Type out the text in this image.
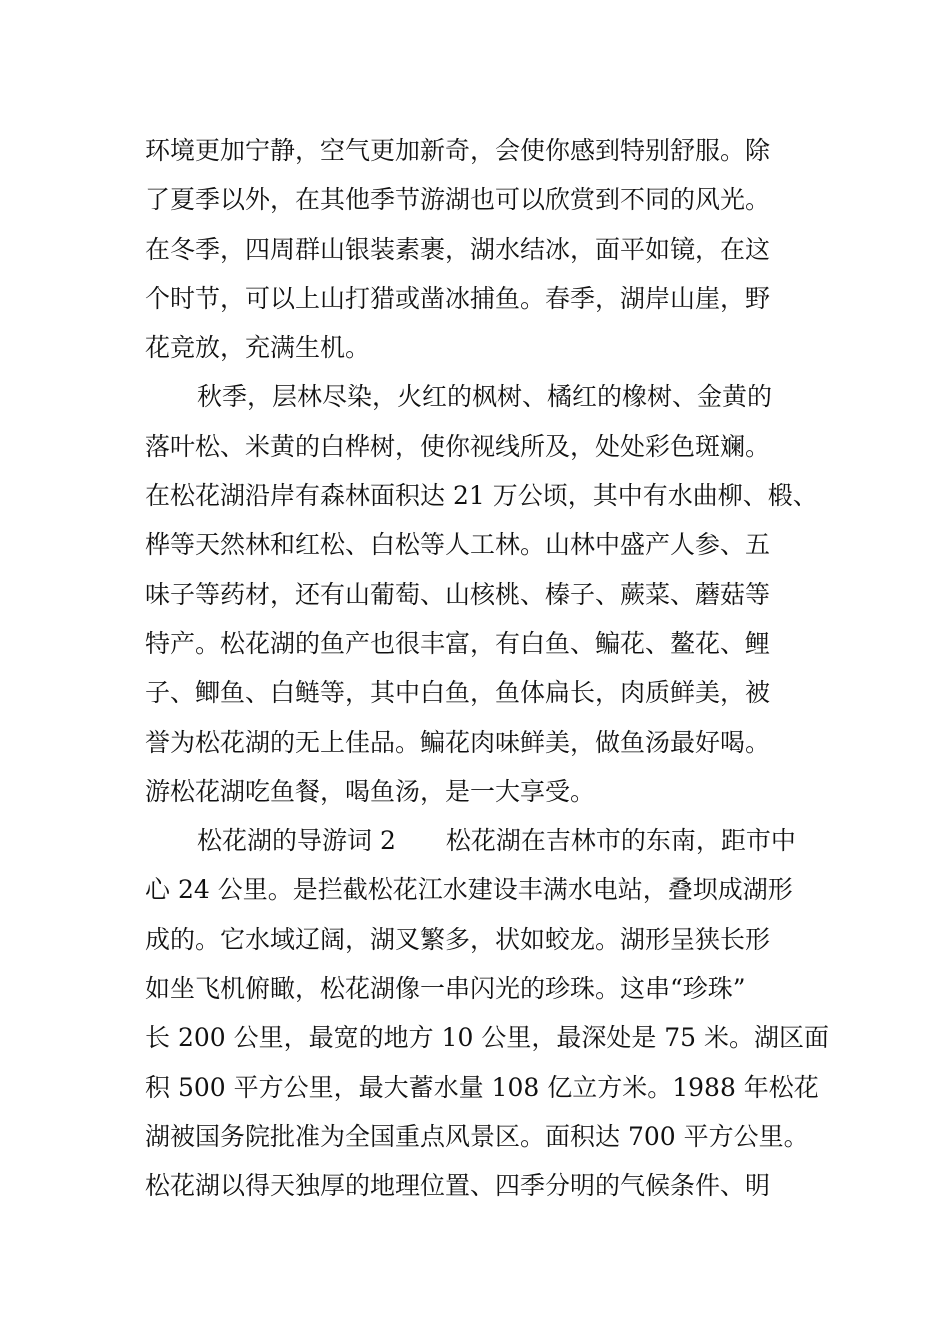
环境更加宁静，空气更加新奇，会使你感到特别舒服。除
了夏季以外，在其他季节游湖也可以欣赏到不同的风光。
在冬季，四周群山银装素裹，湖水结冰，面平如镜，在这
个时节，可以上山打猎或凿冰捕鱼。春季，湖岸山崖，野
花竞放，充满生机。
秋季，层林尽染，火红的枫树、橘红的橡树、金黄的
落叶松、米黄的白桦树，使你视线所及，处处彩色斑斓。
在松花湖沿岸有森林面积达 21 万公顷，其中有水曲柳、椴、
桦等天然林和红松、白松等人工林。山林中盛产人参、五
味子等药材，还有山葡萄、山核桃、榛子、蕨菜、蘑菇等
特产。松花湖的鱼产也很丰富，有白鱼、鳊花、鳌花、鲤
子、鲫鱼、白鲢等，其中白鱼，鱼体扁长，肉质鲜美，被
誉为松花湖的无上佳品。鳊花肉味鲜美，做鱼汤最好喝。
游松花湖吃鱼餐，喝鱼汤，是一大享受。
松花湖的导游词 2　　松花湖在吉林市的东南，距市中
心 24 公里。是拦截松花江水建设丰满水电站，叠坝成湖形
成的。它水域辽阔，湖叉繁多，状如蛟龙。湖形呈狭长形
如坐飞机俯瞰，松花湖像一串闪光的珍珠。这串“珍珠”
长 200 公里，最宽的地方 10 公里，最深处是 75 米。湖区面
积 500 平方公里，最大蓄水量 108 亿立方米。1988 年松花
湖被国务院批准为全国重点风景区。面积达 700 平方公里。
松花湖以得天独厚的地理位置、四季分明的气候条件、明
